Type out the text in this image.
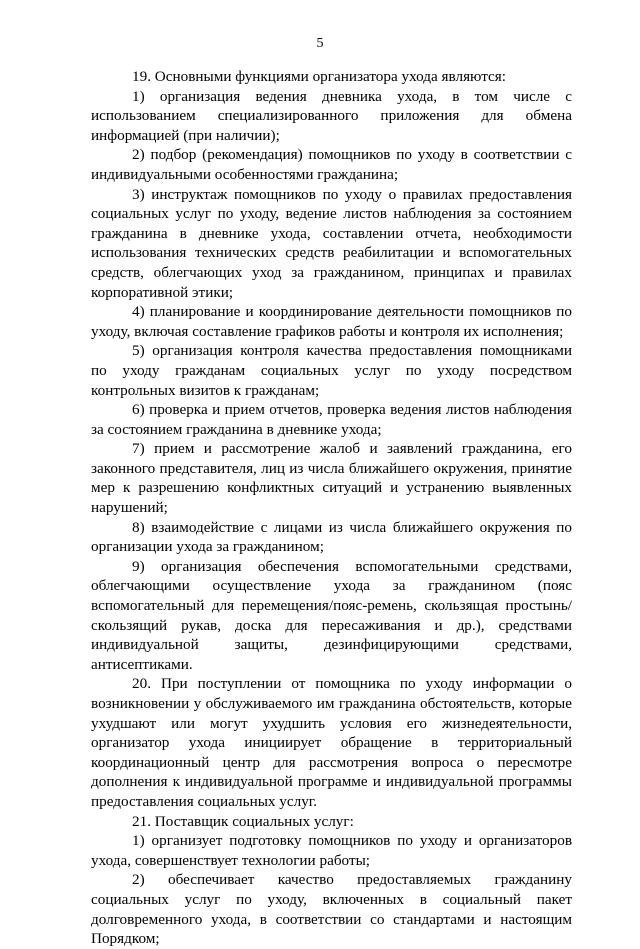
5

19. Основными функциями организатора ухода являются:

1) организация ведения дневника ухода, в том числе с использованием специализированного приложения для обмена информацией (при наличии);

2) подбор (рекомендация) помощников по уходу в соответствии с индивидуальными особенностями гражданина;

3) инструктаж помощников по уходу о правилах предоставления социальных услуг по уходу, ведение листов наблюдения за состоянием гражданина в дневнике ухода, составлении отчета, необходимости использования технических средств реабилитации и вспомогательных средств, облегчающих уход за гражданином, принципах и правилах корпоративной этики;

4) планирование и координирование деятельности помощников по уходу, включая составление графиков работы и контроля их исполнения;

5) организация контроля качества предоставления помощниками по уходу гражданам социальных услуг по уходу посредством контрольных визитов к гражданам;

6) проверка и прием отчетов, проверка ведения листов наблюдения за состоянием гражданина в дневнике ухода;

7) прием и рассмотрение жалоб и заявлений гражданина, его законного представителя, лиц из числа ближайшего окружения, принятие мер к разрешению конфликтных ситуаций и устранению выявленных нарушений;

8) взаимодействие с лицами из числа ближайшего окружения по организации ухода за гражданином;

9) организация обеспечения вспомогательными средствами, облегчающими осуществление ухода за гражданином (пояс вспомогательный для перемещения/пояс-ремень, скользящая простынь/скользящий рукав, доска для пересаживания и др.), средствами индивидуальной защиты, дезинфицирующими средствами, антисептиками.

20. При поступлении от помощника по уходу информации о возникновении у обслуживаемого им гражданина обстоятельств, которые ухудшают или могут ухудшить условия его жизнедеятельности, организатор ухода инициирует обращение в территориальный координационный центр для рассмотрения вопроса о пересмотре дополнения к индивидуальной программе и индивидуальной программы предоставления социальных услуг.

21. Поставщик социальных услуг:

1) организует подготовку помощников по уходу и организаторов ухода, совершенствует технологии работы;

2) обеспечивает качество предоставляемых гражданину социальных услуг по уходу, включенных в социальный пакет долговременного ухода, в соответствии со стандартами и настоящим Порядком;
